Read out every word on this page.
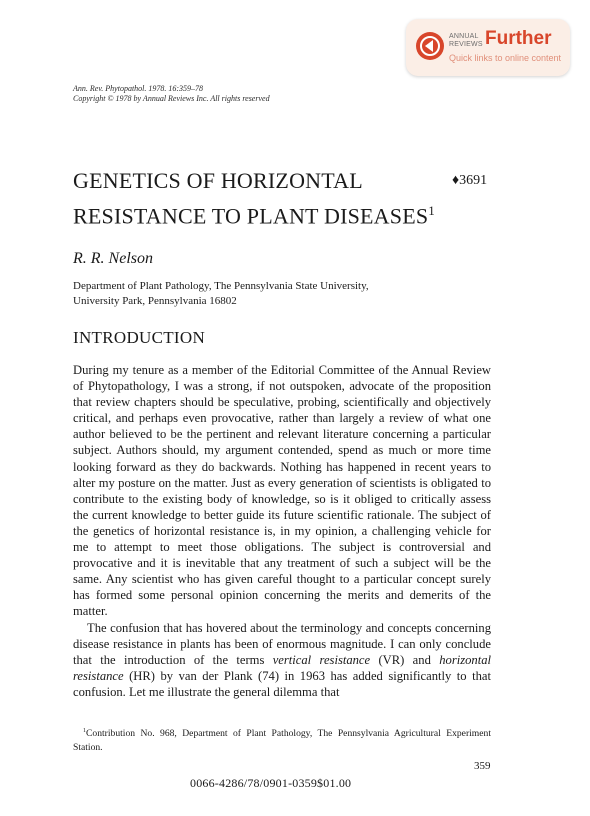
ANNUAL REVIEWS Further
Quick links to online content
Ann. Rev. Phytopathol. 1978. 16:359–78
Copyright © 1978 by Annual Reviews Inc. All rights reserved
GENETICS OF HORIZONTAL
RESISTANCE TO PLANT DISEASES$^1$
♦3691
R. R. Nelson
Department of Plant Pathology, The Pennsylvania State University,
University Park, Pennsylvania 16802
INTRODUCTION

During my tenure as a member of the Editorial Committee of the Annual Review of Phytopathology, I was a strong, if not outspoken, advocate of the proposition that review chapters should be speculative, probing, scientifically and objectively critical, and perhaps even provocative, rather than largely a review of what one author believed to be the pertinent and relevant literature concerning a particular subject. Authors should, my argument contended, spend as much or more time looking forward as they do backwards. Nothing has happened in recent years to alter my posture on the matter. Just as every generation of scientists is obligated to contribute to the existing body of knowledge, so is it obliged to critically assess the current knowledge to better guide its future scientific rationale. The subject of the genetics of horizontal resistance is, in my opinion, a challenging vehicle for me to attempt to meet those obligations. The subject is controversial and provocative and it is inevitable that any treatment of such a subject will be the same. Any scientist who has given careful thought to a particular concept surely has formed some personal opinion concerning the merits and demerits of the matter.

The confusion that has hovered about the terminology and concepts concerning disease resistance in plants has been of enormous magnitude. I can only conclude that the introduction of the terms vertical resistance (VR) and horizontal resistance (HR) by van der Plank (74) in 1963 has added significantly to that confusion. Let me illustrate the general dilemma that

$^1$Contribution No. 968, Department of Plant Pathology, The Pennsylvania Agricultural Experiment Station.

359
0066-4286/78/0901-0359$01.00
